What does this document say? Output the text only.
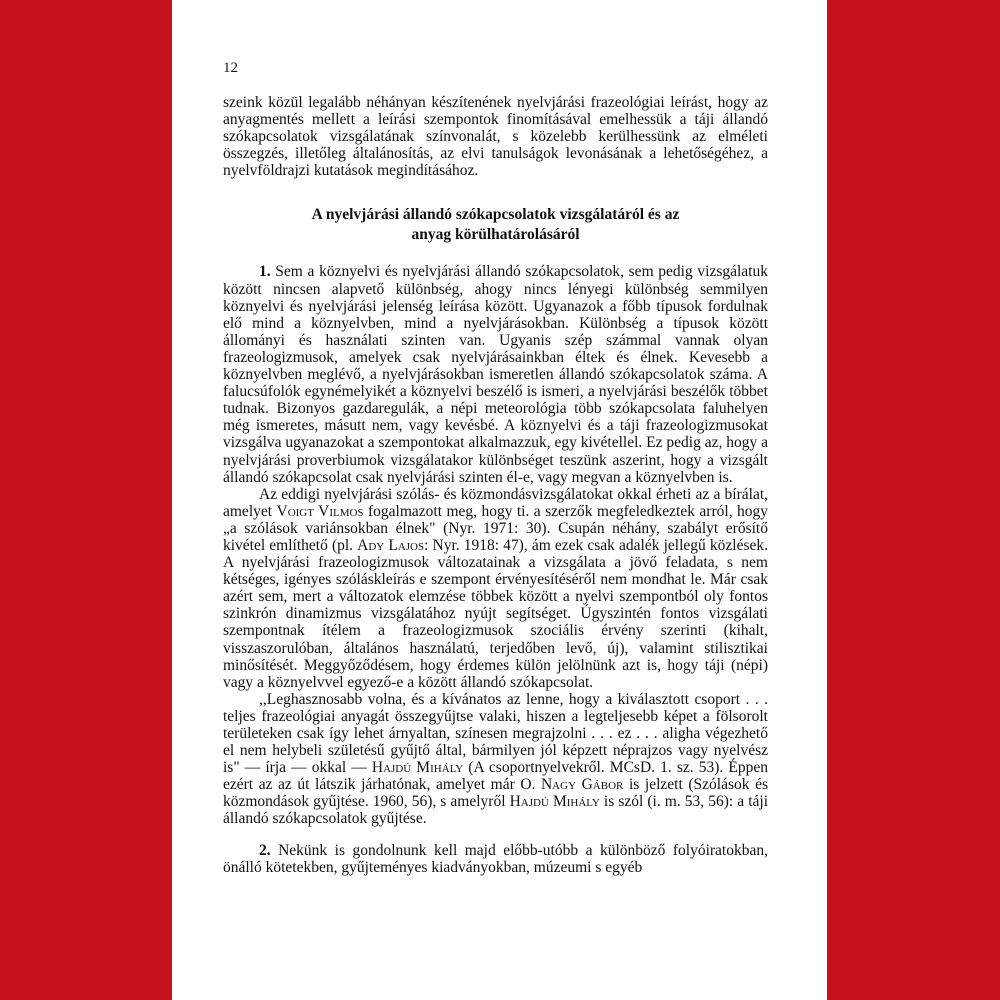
12

szeink közül legalább néhányan készítenének nyelvjárási frazeológiai leírást, hogy az anyagmentés mellett a leírási szempontok finomításával emelhessük a táji állandó szókapcsolatok vizsgálatának színvonalát, s közelebb kerülhessünk az elméleti összegzés, illetőleg általánosítás, az elvi tanulságok levonásának a lehetőségéhez, a nyelvföldrajzi kutatások megindításához.

A nyelvjárási állandó szókapcsolatok vizsgálatáról és az
anyag körülhatárolásáról

1. Sem a köznyelvi és nyelvjárási állandó szókapcsolatok, sem pedig vizsgálatuk között nincsen alapvető különbség, ahogy nincs lényegi különbség semmilyen köznyelvi és nyelvjárási jelenség leírása között. Ugyanazok a főbb típusok fordulnak elő mind a köznyelvben, mind a nyelvjárásokban. Különbség a típusok között állományi és használati szinten van. Ugyanis szép számmal vannak olyan frazeologizmusok, amelyek csak nyelvjárásainkban éltek és élnek. Kevesebb a köznyelvben meglévő, a nyelvjárásokban ismeretlen állandó szókapcsolatok száma. A falucsúfolók egynémelyikét a köznyelvi beszélő is ismeri, a nyelvjárási beszélők többet tudnak. Bizonyos gazdaregulák, a népi meteorológia több szókapcsolata faluhelyen még ismeretes, másutt nem, vagy kevésbé. A köznyelvi és a táji frazeologizmusokat vizsgálva ugyanazokat a szempontokat alkalmazzuk, egy kivétellel. Ez pedig az, hogy a nyelvjárási proverbiumok vizsgálatakor különbséget teszünk aszerint, hogy a vizsgált állandó szókapcsolat csak nyelvjárási szinten él-e, vagy megvan a köznyelvben is.

Az eddigi nyelvjárási szólás- és közmondásvizsgálatokat okkal érheti az a bírálat, amelyet Voigt Vilmos fogalmazott meg, hogy ti. a szerzők megfeledkeztek arról, hogy „a szólások variánsokban élnek" (Nyr. 1971: 30). Csupán néhány, szabályt erősítő kivétel említhető (pl. Ady Lajos: Nyr. 1918: 47), ám ezek csak adalék jellegű közlések. A nyelvjárási frazeologizmusok változatainak a vizsgálata a jövő feladata, s nem kétséges, igényes szóláskleírás e szempont érvényesítéséről nem mondhat le. Már csak azért sem, mert a változatok elemzése többek között a nyelvi szempontból oly fontos szinkrón dinamizmus vizsgálatához nyújt segítséget. Úgyszintén fontos vizsgálati szempontnak ítélem a frazeologizmusok szociális érvény szerinti (kihalt, visszaszorulóban, általános használatú, terjedőben levő, új), valamint stilisztikai minősítését. Meggyőződésem, hogy érdemes külön jelölnünk azt is, hogy táji (népi) vagy a köznyelvvel egyező-e a között állandó szókapcsolat.

,,Leghasznosabb volna, és a kívánatos az lenne, hogy a kiválasztott csoport . . . teljes frazeológiai anyagát összegyűjtse valaki, hiszen a legteljesebb képet a fölsorolt területeken csak így lehet árnyaltan, színesen megrajzolni . . . ez . . . aligha végezhető el nem helybeli születésű gyűjtő által, bármilyen jól képzett néprajzos vagy nyelvész is" — írja — okkal — Hajdú Mihály (A csoportnyelvekről. MCsD. 1. sz. 53). Éppen ezért az az út látszik járhatónak, amelyet már O. Nagy Gábor is jelzett (Szólások és közmondások gyűjtése. 1960, 56), s amelyről Hajdú Mihály is szól (i. m. 53, 56): a táji állandó szókapcsolatok gyűjtése.

2. Nekünk is gondolnunk kell majd előbb-utóbb a különböző folyóiratokban, önálló kötetekben, gyűjteményes kiadványokban, múzeumi s egyéb
